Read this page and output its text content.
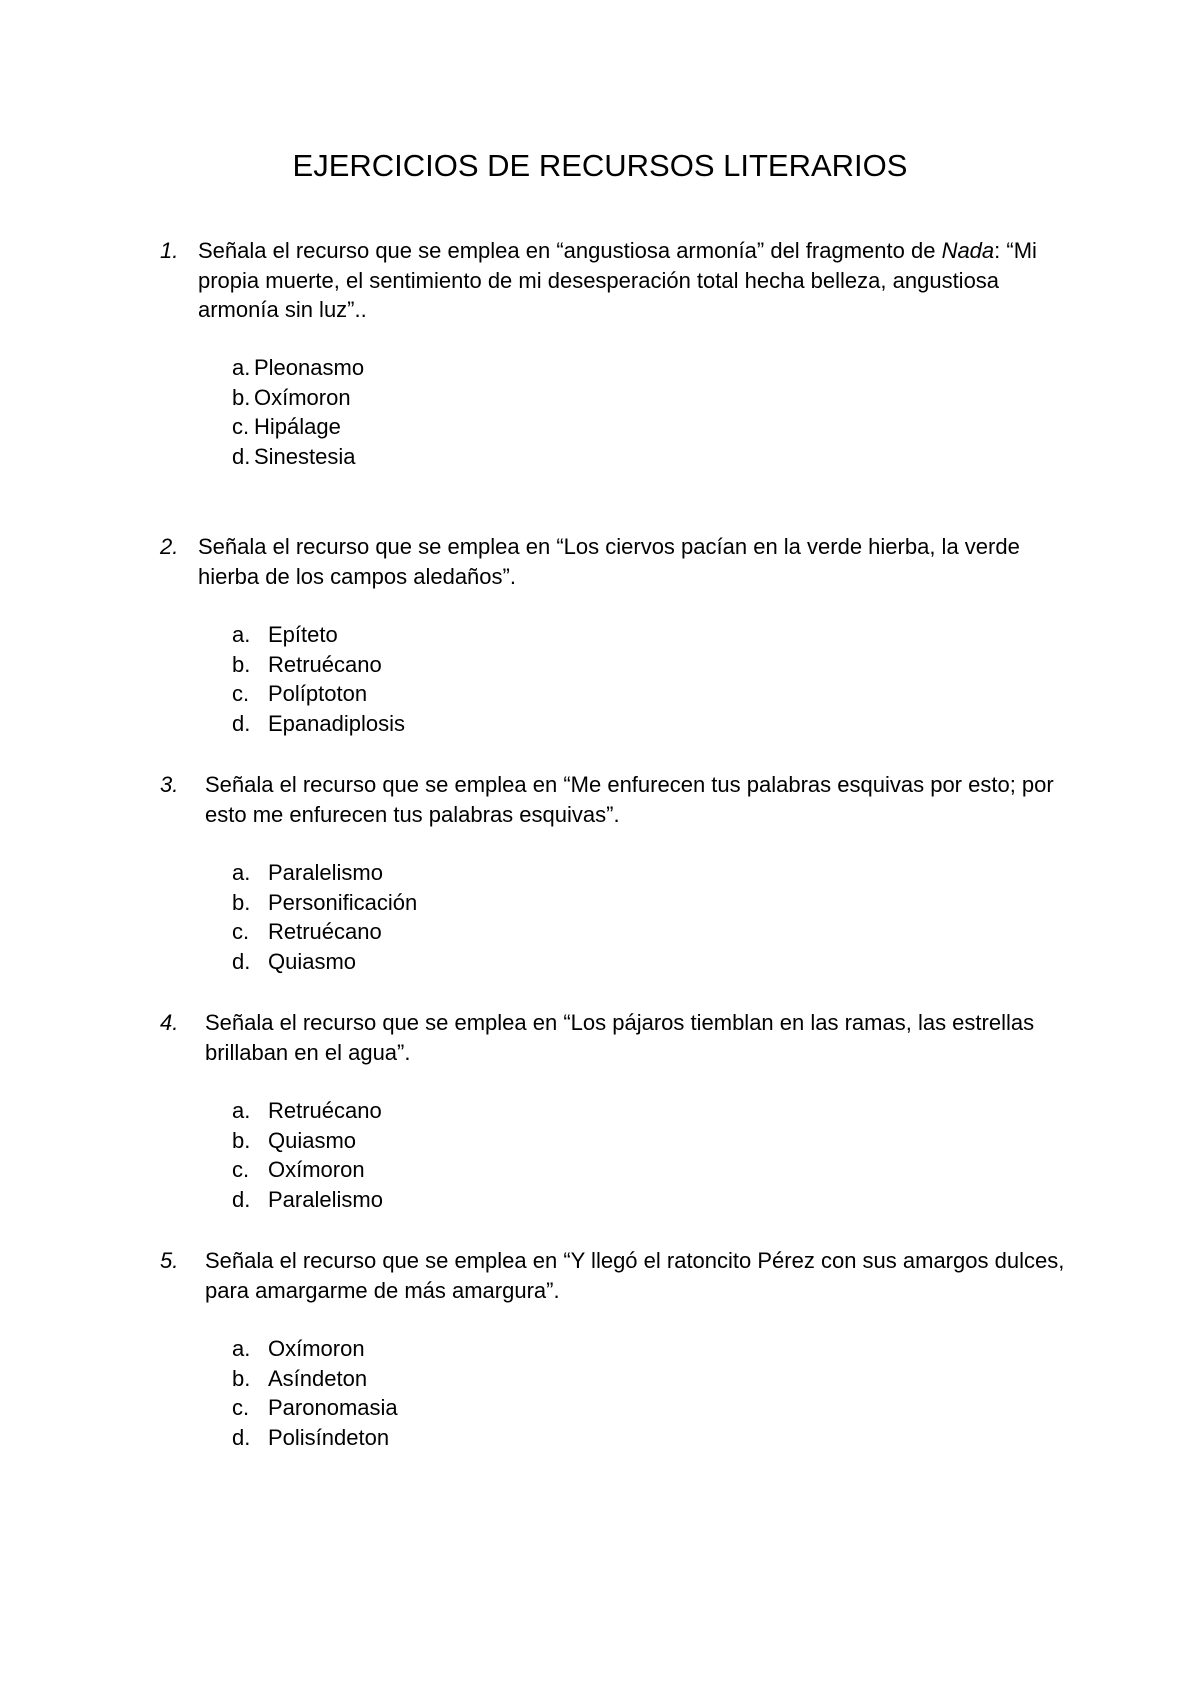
EJERCICIOS DE RECURSOS LITERARIOS
1. Señala el recurso que se emplea en “angustiosa armonía” del fragmento de Nada: “Mi propia muerte, el sentimiento de mi desesperación total hecha belleza, angustiosa armonía sin luz”..

a. Pleonasmo
b. Oxímoron
c. Hipálage
d. Sinestesia
2. Señala el recurso que se emplea en “Los ciervos pacían en la verde hierba, la verde hierba de los campos aledaños”.

a. Epíteto
b. Retruécano
c. Políptoton
d. Epanadiplosis
3. Señala el recurso que se emplea en “Me enfurecen tus palabras esquivas por esto; por esto me enfurecen tus palabras esquivas”.

a. Paralelismo
b. Personificación
c. Retruécano
d. Quiasmo
4. Señala el recurso que se emplea en “Los pájaros tiemblan en las ramas, las estrellas brillaban en el agua”.

a. Retruécano
b. Quiasmo
c. Oxímoron
d. Paralelismo
5. Señala el recurso que se emplea en “Y llegó el ratoncito Pérez con sus amargos dulces, para amargarme de más amargura”.

a. Oxímoron
b. Asíndeton
c. Paronomasia
d. Polisíndeton
